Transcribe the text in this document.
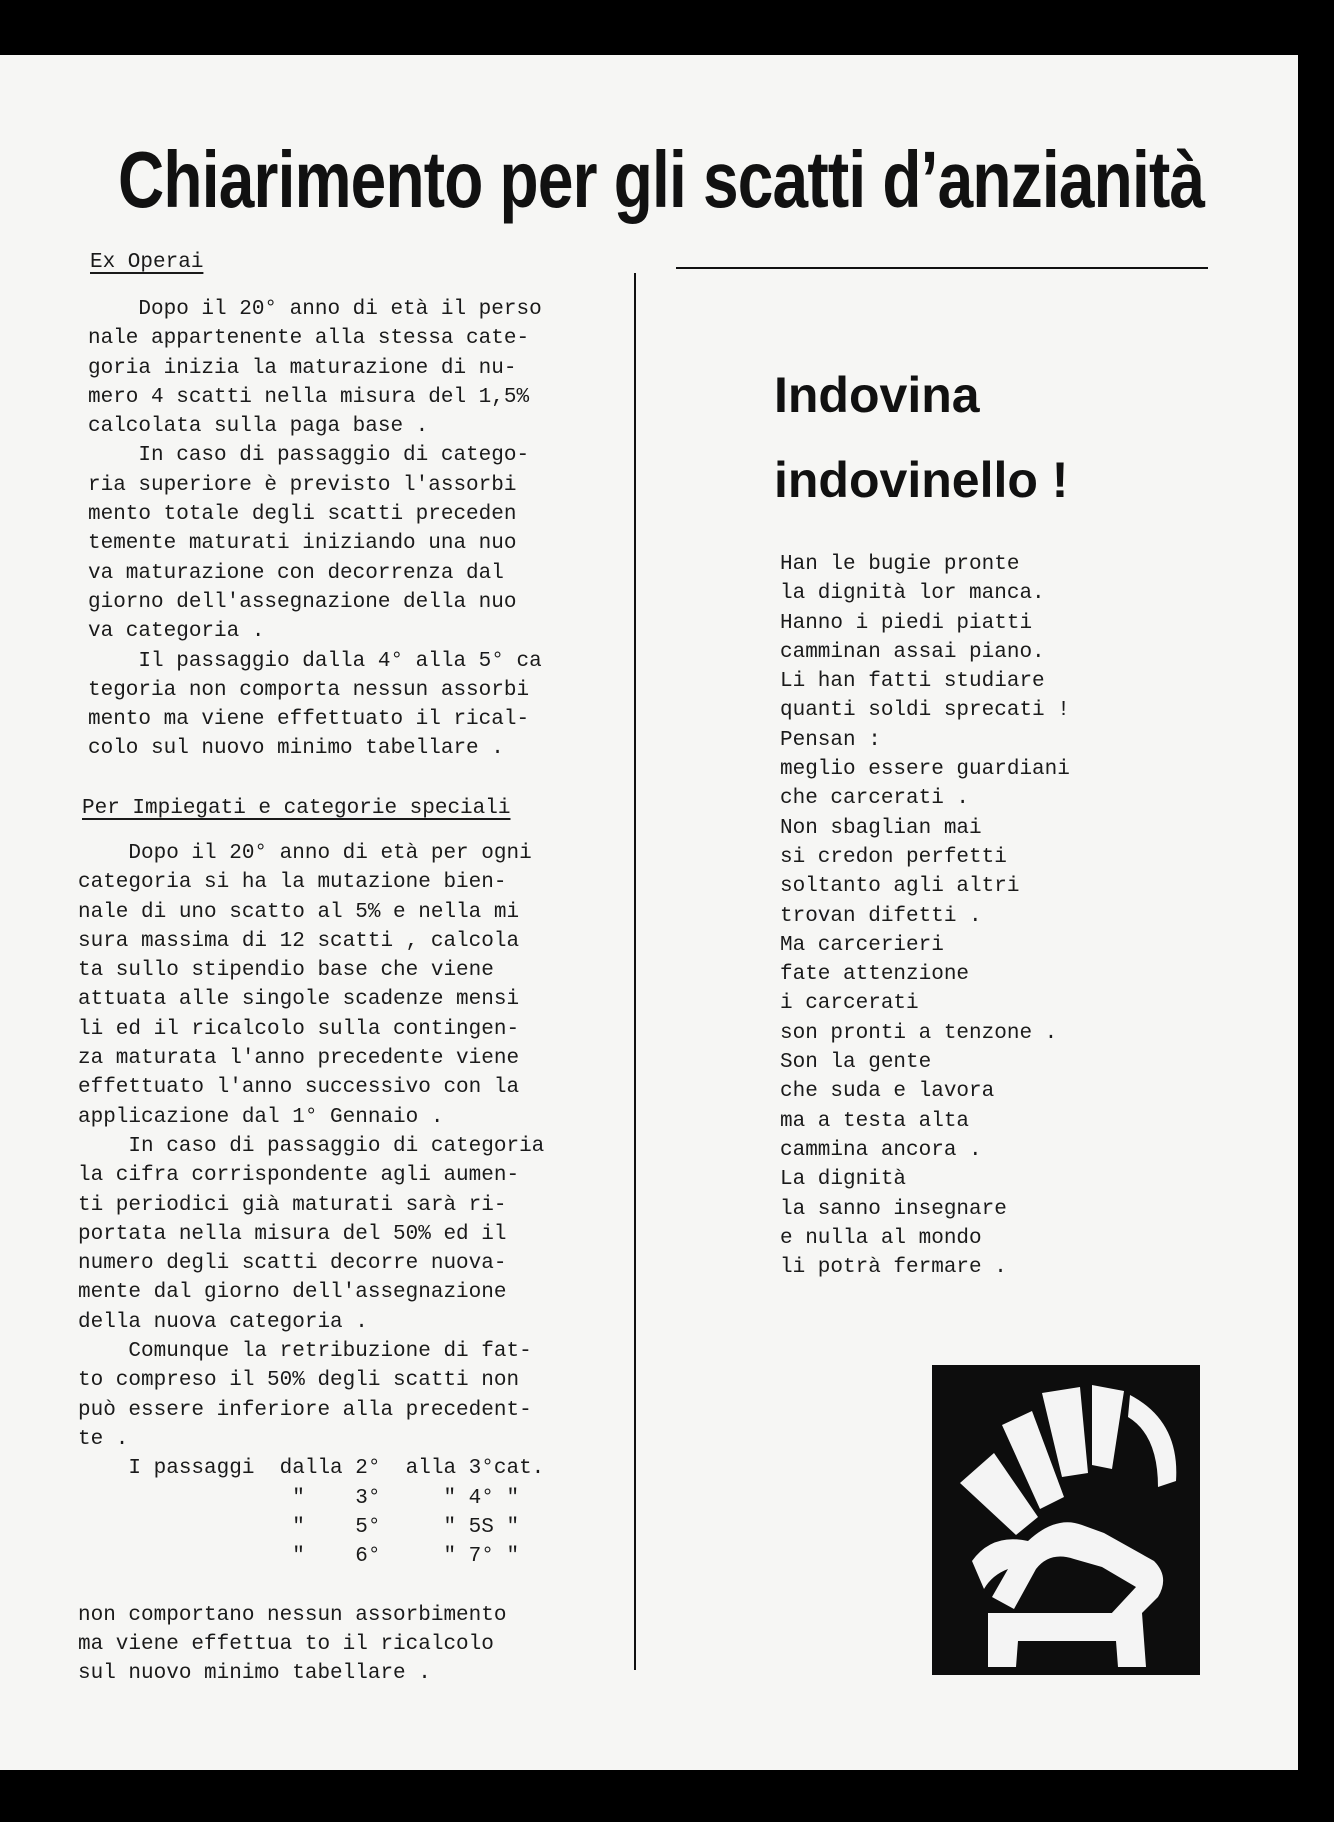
Chiarimento per gli scatti d’anzianità
Ex Operai
Dopo il 20° anno di età il perso
nale appartenente alla stessa cate-
goria inizia la maturazione di nu-
mero 4 scatti nella misura del 1,5%
calcolata sulla paga base .
In caso di passaggio di catego-
ria superiore è previsto l'assorbi
mento totale degli scatti preceden
temente maturati iniziando una nuo
va maturazione con decorrenza dal
giorno dell'assegnazione della nuo
va categoria .
Il passaggio dalla 4° alla 5° ca
tegoria non comporta nessun assorbi
mento ma viene effettuato il rical-
colo sul nuovo minimo tabellare .
Per Impiegati e categorie speciali
Dopo il 20° anno di età per ogni
categoria si ha la mutazione bien-
nale di uno scatto al 5% e nella mi
sura massima di 12 scatti , calcola
ta sullo stipendio base che viene
attuata alle singole scadenze mensi
li ed il ricalcolo sulla contingen-
za maturata l'anno precedente viene
effettuato l'anno successivo con la
applicazione dal 1° Gennaio .
In caso di passaggio di categoria
la cifra corrispondente agli aumen-
ti periodici già maturati sarà ri-
portata nella misura del 50% ed il
numero degli scatti decorre nuova-
mente dal giorno dell'assegnazione
della nuova categoria .
Comunque la retribuzione di fat-
to compreso il 50% degli scatti non
può essere inferiore alla precedent-
te .
I passaggi  dalla 2°  alla 3°cat.
"    3°     " 4° "
"    5°     " 5S "
"    6°     " 7° "

non comportano nessun assorbimento
ma viene effettua to il ricalcolo
sul nuovo minimo tabellare .
Indovina
indovinello !
Han le bugie pronte
la dignità lor manca.
Hanno i piedi piatti
camminan assai piano.
Li han fatti studiare
quanti soldi sprecati !
Pensan :
meglio essere guardiani
che carcerati .
Non sbaglian mai
si credon perfetti
soltanto agli altri
trovan difetti .
Ma carcerieri
fate attenzione
i carcerati
son pronti a tenzone .
Son la gente
che suda e lavora
ma a testa alta
cammina ancora .
La dignità
la sanno insegnare
e nulla al mondo
li potrà fermare .
